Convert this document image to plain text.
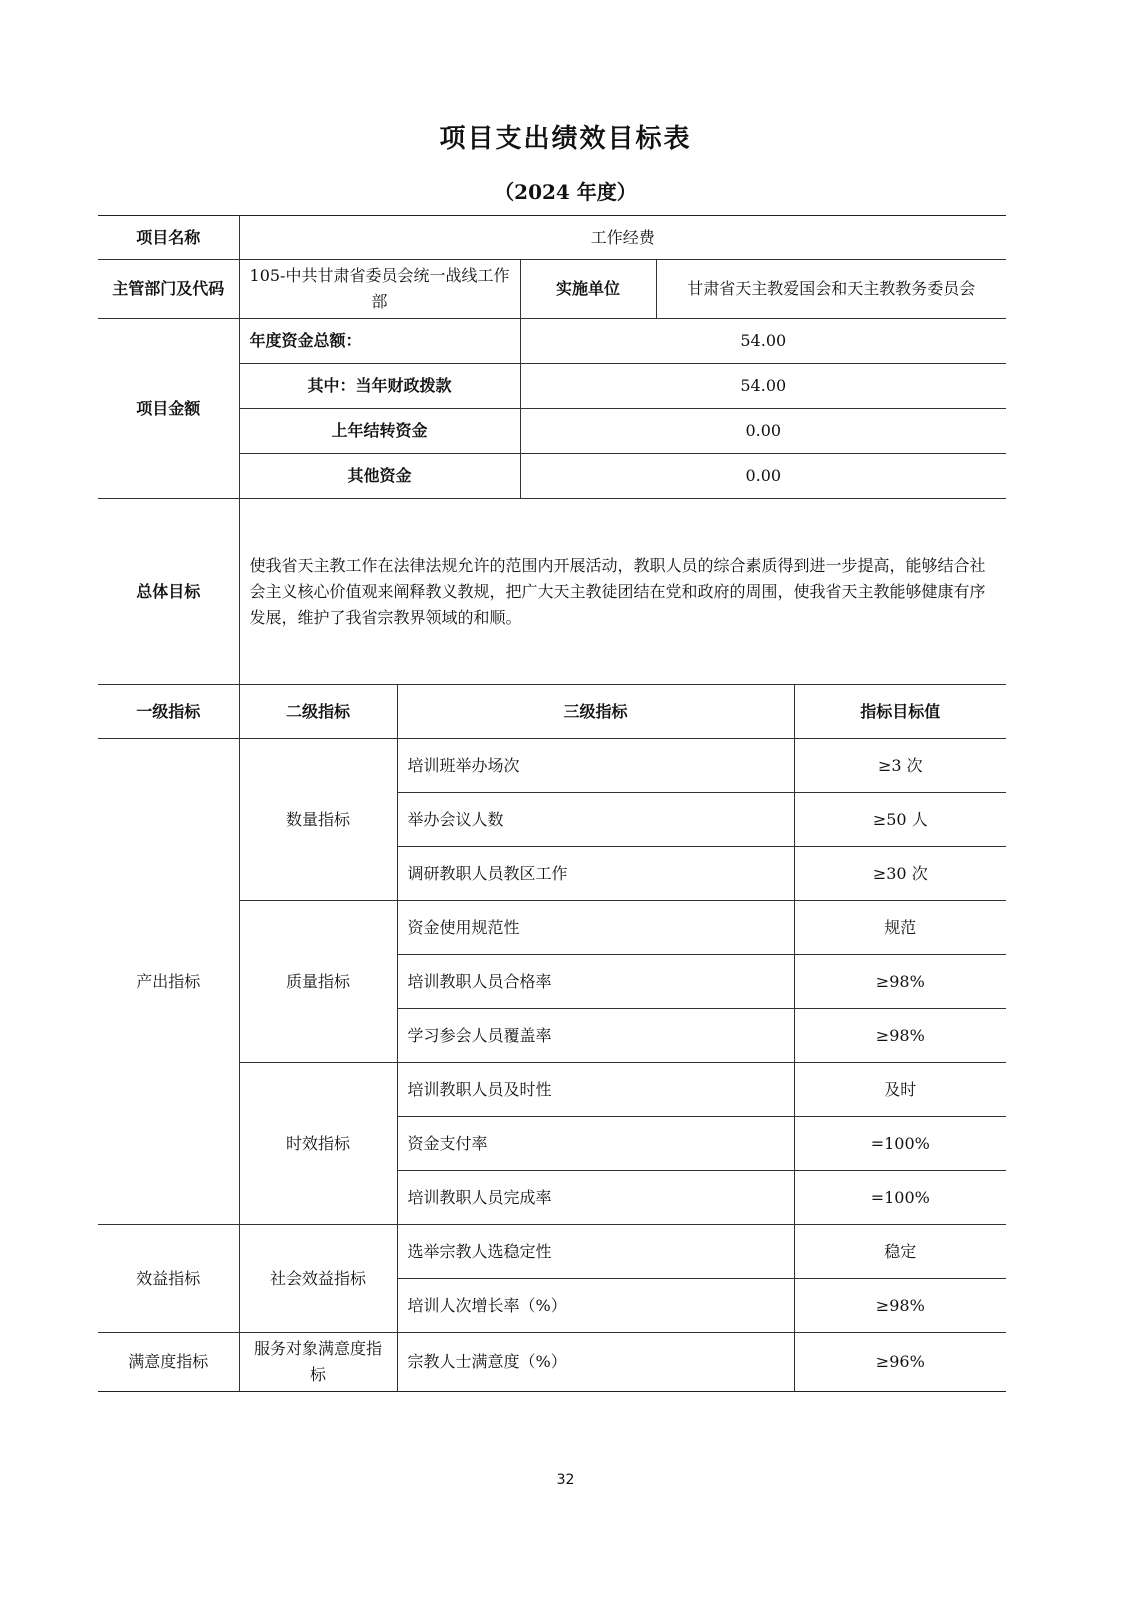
项目支出绩效目标表
（2024 年度）
项目名称	工作经费				
主管部门及代码	105-中共甘肃省委员会统一战线工作部		实施单位	甘肃省天主教爱国会和天主教教务委员会	
项目金额	年度资金总额：		54.00		
	其中：当年财政拨款		54.00		
	上年结转资金		0.00		
	其他资金		0.00		
总体目标	使我省天主教工作在法律法规允许的范围内开展活动，教职人员的综合素质得到进一步提高，能够结合社会主义核心价值观来阐释教义教规，把广大天主教徒团结在党和政府的周围，使我省天主教能够健康有序发展，维护了我省宗教界领域的和顺。				
一级指标	二级指标	三级指标			指标目标值
产出指标	数量指标	培训班举办场次			≥3 次
		举办会议人数			≥50 人
		调研教职人员教区工作			≥30 次
	质量指标	资金使用规范性			规范
		培训教职人员合格率			≥98%
		学习参会人员覆盖率			≥98%
	时效指标	培训教职人员及时性			及时
		资金支付率			=100%
		培训教职人员完成率			=100%
效益指标	社会效益指标	选举宗教人选稳定性			稳定
		培训人次增长率（%）			≥98%
满意度指标	服务对象满意度指标	宗教人士满意度（%）			≥96%
32
